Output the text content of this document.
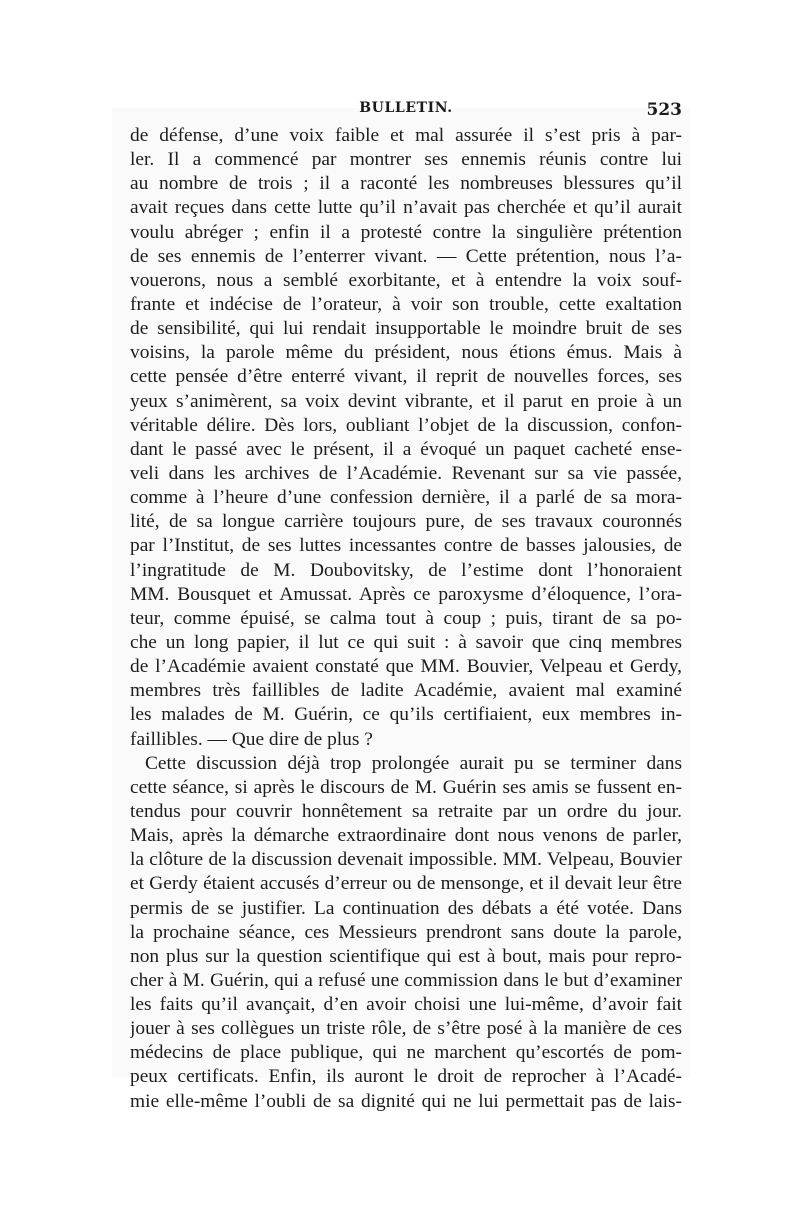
BULLETIN.	523
de défense, d’une voix faible et mal assurée il s’est pris à par-
ler. Il a commencé par montrer ses ennemis réunis contre lui
au nombre de trois ; il a raconté les nombreuses blessures qu’il
avait reçues dans cette lutte qu’il n’avait pas cherchée et qu’il aurait
voulu abréger ; enfin il a protesté contre la singulière prétention
de ses ennemis de l’enterrer vivant. — Cette prétention, nous l’a-
vouerons, nous a semblé exorbitante, et à entendre la voix souf-
frante et indécise de l’orateur, à voir son trouble, cette exaltation
de sensibilité, qui lui rendait insupportable le moindre bruit de ses
voisins, la parole même du président, nous étions émus. Mais à
cette pensée d’être enterré vivant, il reprit de nouvelles forces, ses
yeux s’animèrent, sa voix devint vibrante, et il parut en proie à un
véritable délire. Dès lors, oubliant l’objet de la discussion, confon-
dant le passé avec le présent, il a évoqué un paquet cacheté ense-
veli dans les archives de l’Académie. Revenant sur sa vie passée,
comme à l’heure d’une confession dernière, il a parlé de sa mora-
lité, de sa longue carrière toujours pure, de ses travaux couronnés
par l’Institut, de ses luttes incessantes contre de basses jalousies, de
l’ingratitude de M. Doubovitsky, de l’estime dont l’honoraient
MM. Bousquet et Amussat. Après ce paroxysme d’éloquence, l’ora-
teur, comme épuisé, se calma tout à coup ; puis, tirant de sa po-
che un long papier, il lut ce qui suit : à savoir que cinq membres
de l’Académie avaient constaté que MM. Bouvier, Velpeau et Gerdy,
membres très faillibles de ladite Académie, avaient mal examiné
les malades de M. Guérin, ce qu’ils certifiaient, eux membres in-
faillibles. — Que dire de plus ?
Cette discussion déjà trop prolongée aurait pu se terminer dans
cette séance, si après le discours de M. Guérin ses amis se fussent en-
tendus pour couvrir honnêtement sa retraite par un ordre du jour.
Mais, après la démarche extraordinaire dont nous venons de parler,
la clôture de la discussion devenait impossible. MM. Velpeau, Bouvier
et Gerdy étaient accusés d’erreur ou de mensonge, et il devait leur être
permis de se justifier. La continuation des débats a été votée. Dans
la prochaine séance, ces Messieurs prendront sans doute la parole,
non plus sur la question scientifique qui est à bout, mais pour repro-
cher à M. Guérin, qui a refusé une commission dans le but d’examiner
les faits qu’il avançait, d’en avoir choisi une lui-même, d’avoir fait
jouer à ses collègues un triste rôle, de s’être posé à la manière de ces
médecins de place publique, qui ne marchent qu’escortés de pom-
peux certificats. Enfin, ils auront le droit de reprocher à l’Acadé-
mie elle-même l’oubli de sa dignité qui ne lui permettait pas de lais-
